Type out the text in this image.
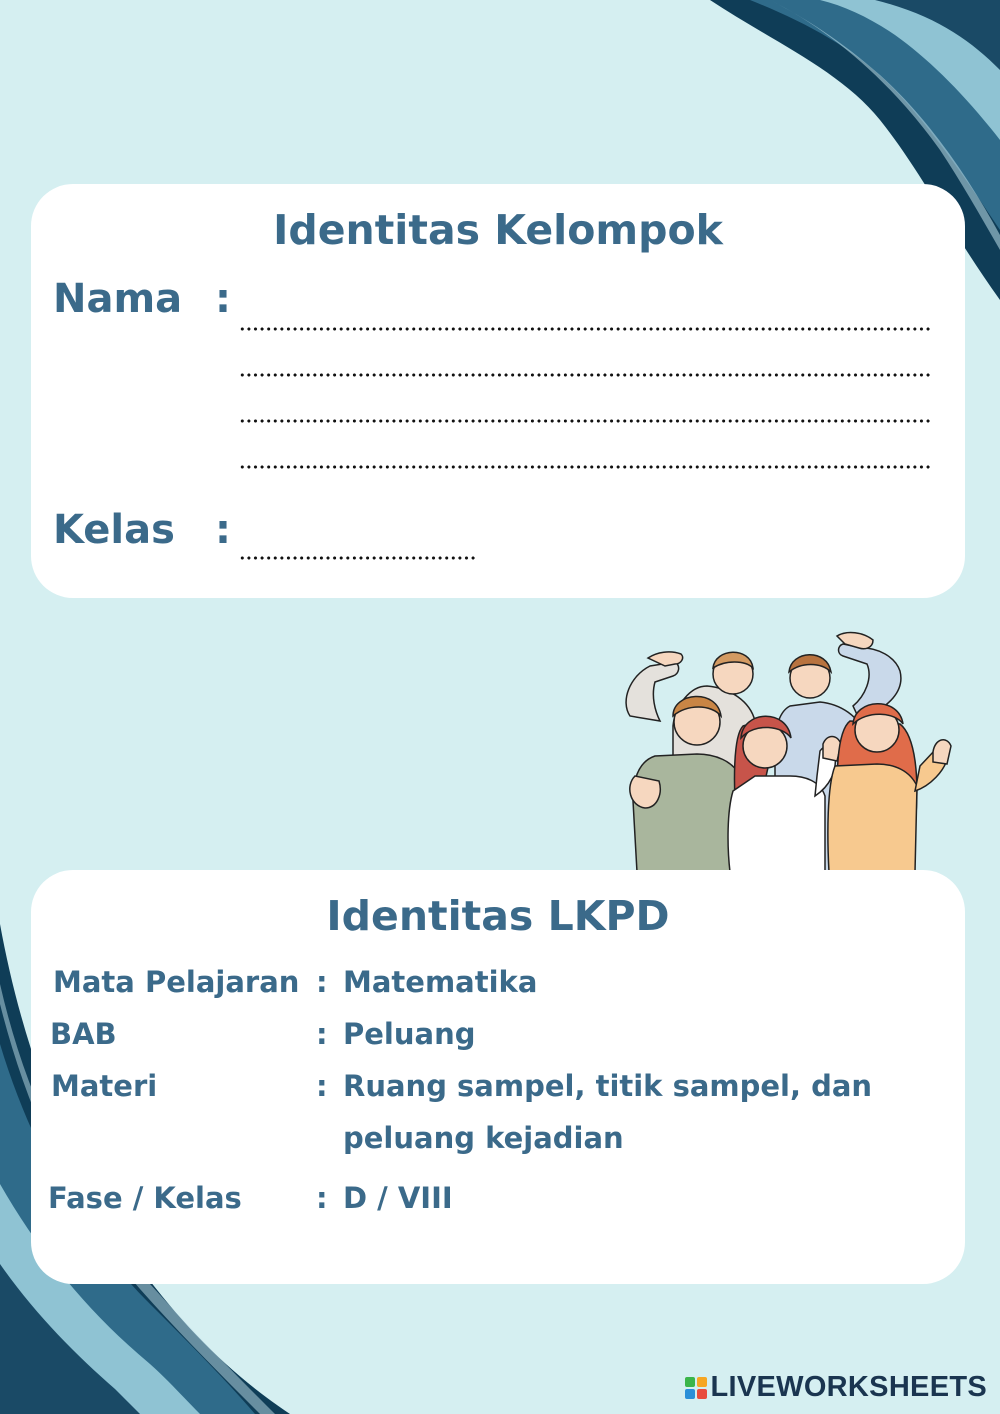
Identitas Kelompok
Nama :
Kelas :
Identitas LKPD
Mata Pelajaran : Matematika
BAB	: Peluang
Materi	: Ruang sampel, titik sampel, dan peluang kejadian
Fase / Kelas	: D / VIII
LIVEWORKSHEETS
